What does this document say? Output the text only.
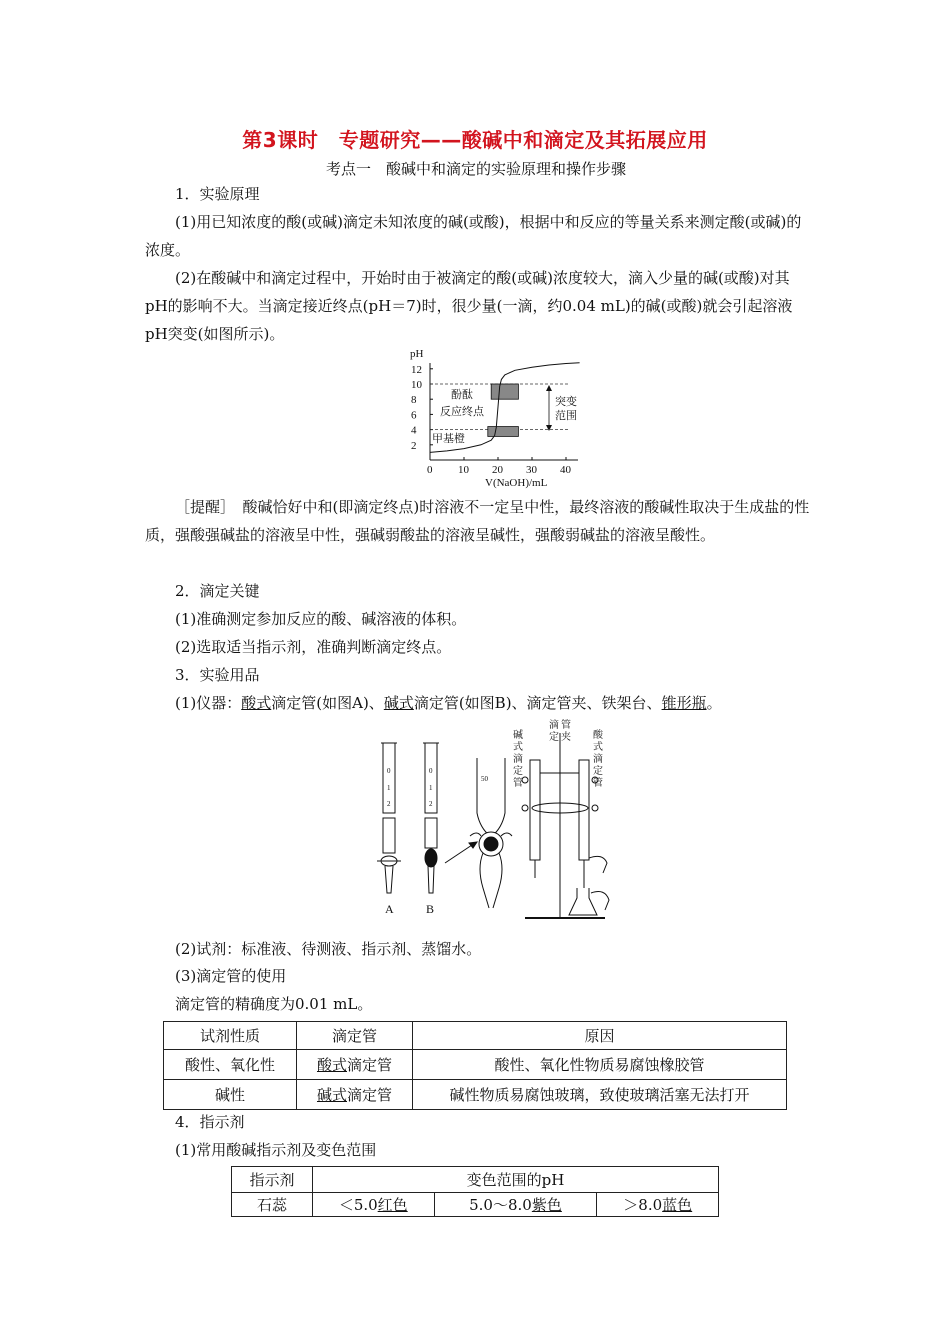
第3课时　专题研究——酸碱中和滴定及其拓展应用
考点一　酸碱中和滴定的实验原理和操作步骤
1．实验原理
(1)用已知浓度的酸(或碱)滴定未知浓度的碱(或酸)，根据中和反应的等量关系来测定酸(或碱)的浓度。
(2)在酸碱中和滴定过程中，开始时由于被滴定的酸(或碱)浓度较大，滴入少量的碱(或酸)对其pH的影响不大。当滴定接近终点(pH＝7)时，很少量(一滴，约0.04 mL)的碱(或酸)就会引起溶液pH突变(如图所示)。
pH
12
10
8
6
4
2
0 10 20 30 40
V(NaOH)/mL
酚酞
反应终点
甲基橙
突变
范围
［提醒］　酸碱恰好中和(即滴定终点)时溶液不一定呈中性，最终溶液的酸碱性取决于生成盐的性质，强酸强碱盐的溶液呈中性，强碱弱酸盐的溶液呈碱性，强酸弱碱盐的溶液呈酸性。
2．滴定关键
(1)准确测定参加反应的酸、碱溶液的体积。
(2)选取适当指示剂，准确判断滴定终点。
3．实验用品
(1)仪器：酸式滴定管(如图A)、碱式滴定管(如图B)、滴定管夹、铁架台、锥形瓶。
0
1
2
0
1
2
50
A	B
碱
式
滴
定
管
酸
式
滴
定
管
滴
定
管
夹
(2)试剂：标准液、待测液、指示剂、蒸馏水。
(3)滴定管的使用
滴定管的精确度为0.01 mL。
试剂性质	滴定管	原因
酸性、氧化性	酸式滴定管	酸性、氧化性物质易腐蚀橡胶管
碱性	碱式滴定管	碱性物质易腐蚀玻璃，致使玻璃活塞无法打开
4．指示剂
(1)常用酸碱指示剂及变色范围
指示剂	变色范围的pH		
石蕊	＜5.0红色	5.0～8.0紫色	＞8.0蓝色
